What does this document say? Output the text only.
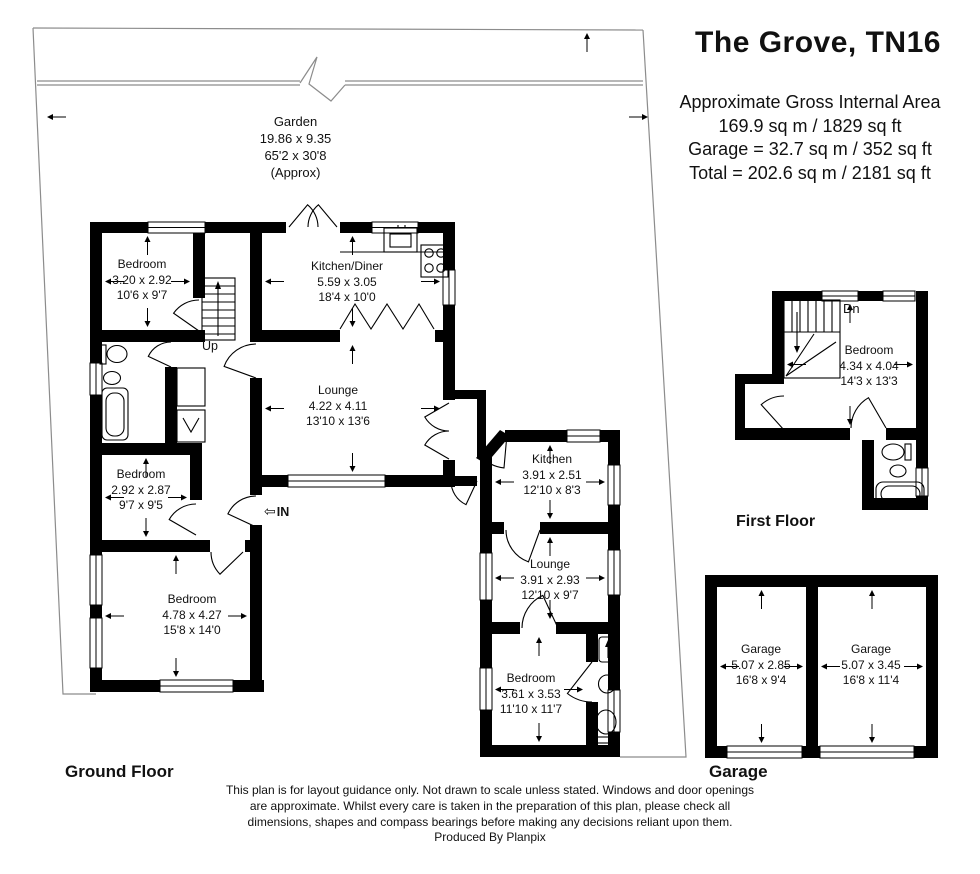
The Grove, TN16
Approximate Gross Internal Area
169.9 sq m / 1829 sq ft
Garage = 32.7 sq m / 352 sq ft
Total = 202.6 sq m / 2181 sq ft
Garden
19.86 x 9.35
65'2 x 30'8
(Approx)
Bedroom
3.20 x 2.92
10'6 x 9'7
Kitchen/Diner
5.59 x 3.05
18'4 x 10'0
Lounge
4.22 x 4.11
13'10 x 13'6
Bedroom
2.92 x 2.87
9'7 x 9'5
Bedroom
4.78 x 4.27
15'8 x 14'0
Kitchen
3.91 x 2.51
12'10 x 8'3
Lounge
3.91 x 2.93
12'10 x 9'7
Bedroom
3.61 x 3.53
11'10 x 11'7
Bedroom
4.34 x 4.04
14'3 x 13'3
Garage
5.07 x 2.85
16'8 x 9'4
Garage
5.07 x 3.45
16'8 x 11'4
Up
Dn
⇦ IN
Ground Floor
First Floor
Garage
This plan is for layout guidance only. Not drawn to scale unless stated. Windows and door openings
are approximate. Whilst every care is taken in the preparation of this plan, please check all
dimensions, shapes and compass bearings before making any decisions reliant upon them.
Produced By Planpix
